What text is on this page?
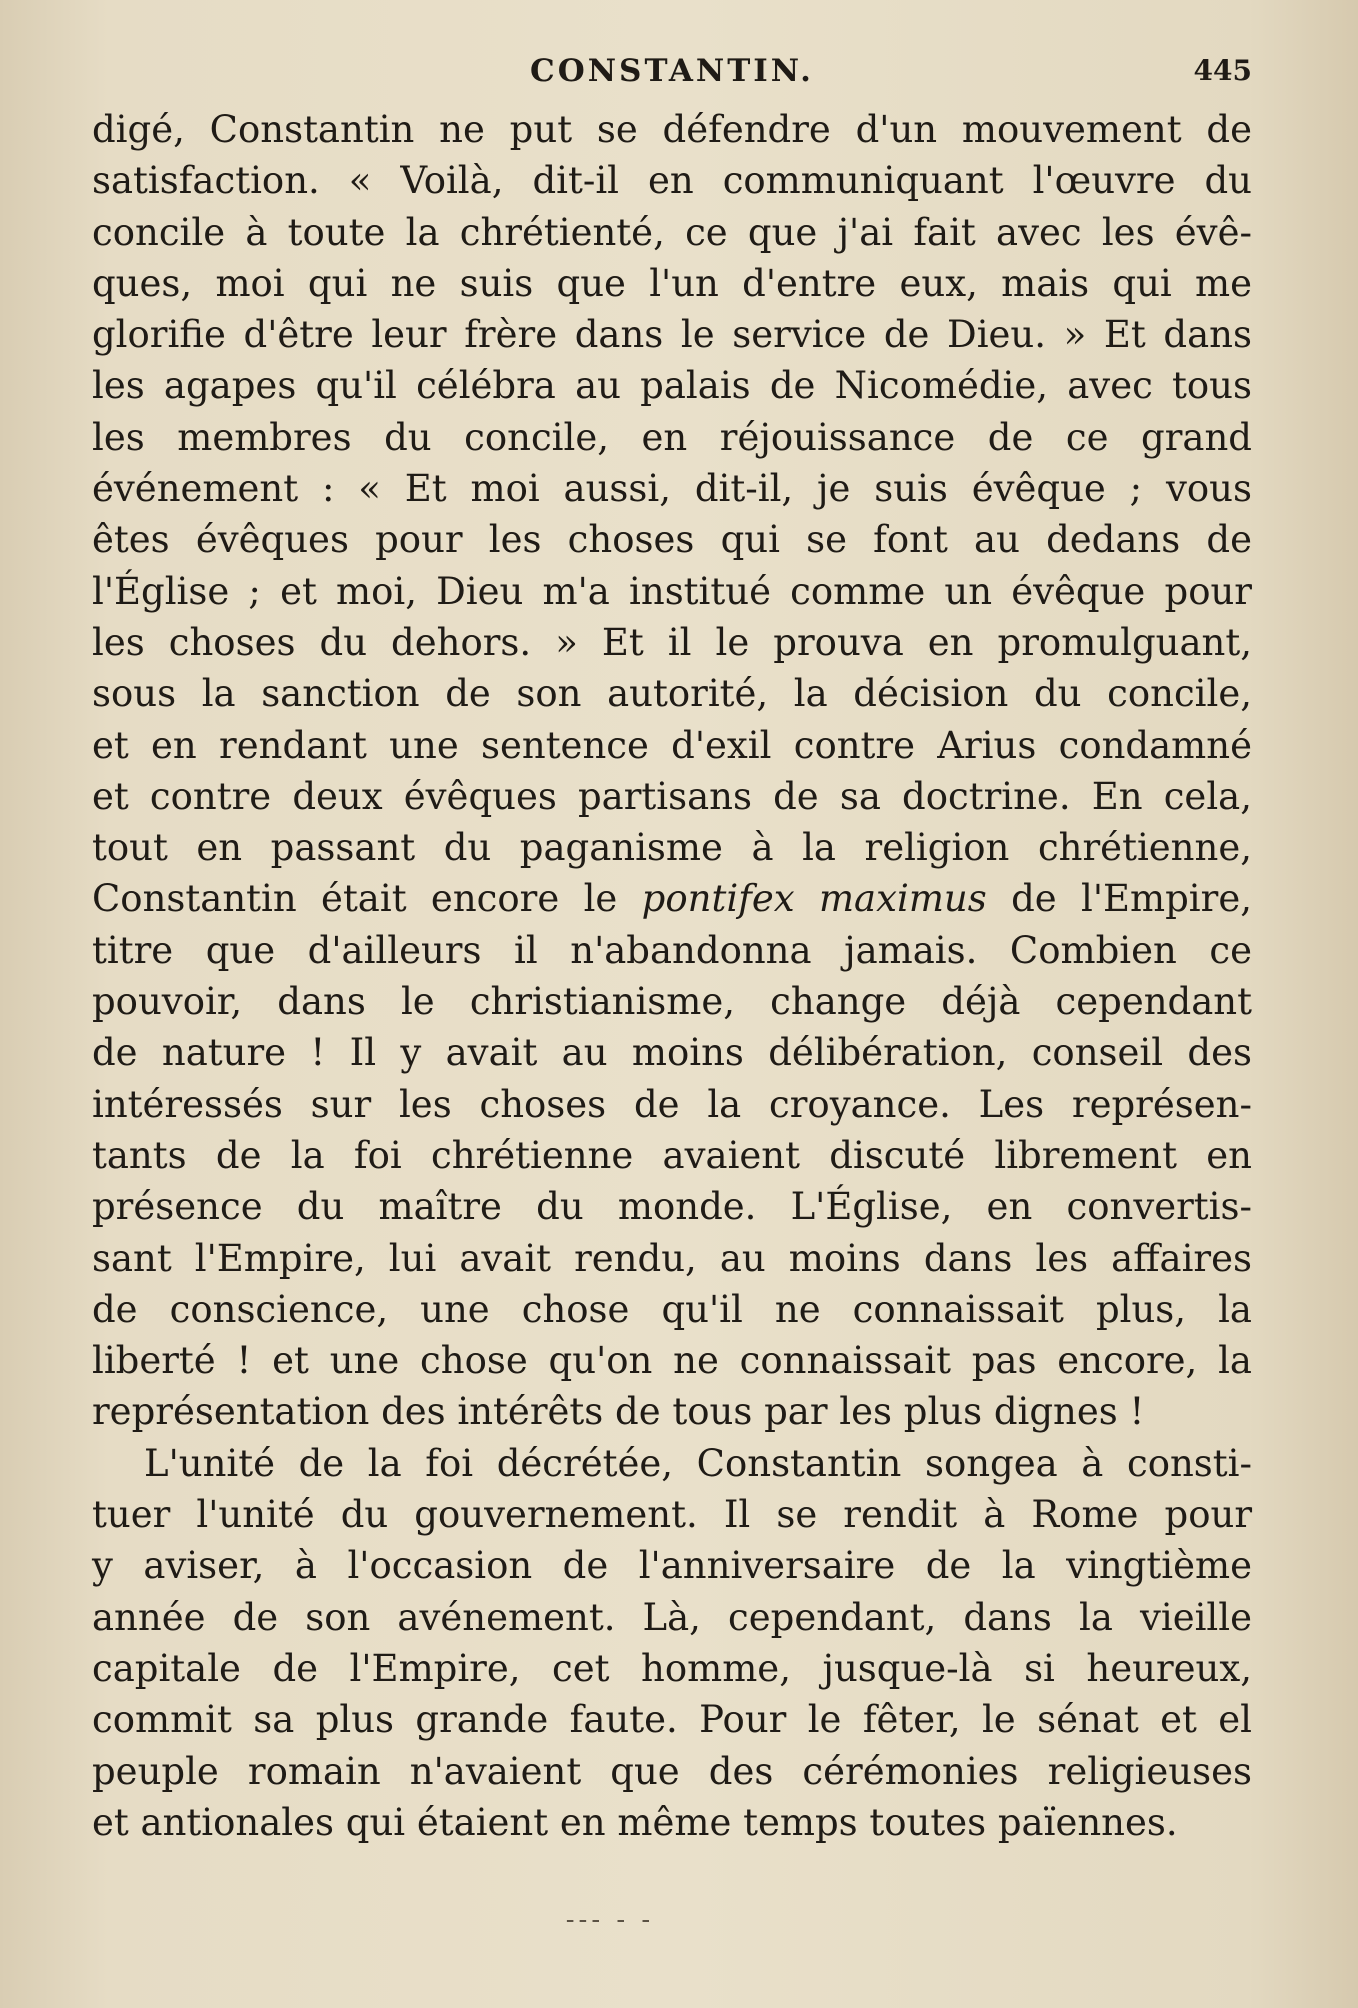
CONSTANTIN.	445
digé, Constantin ne put se défendre d'un mouvement de
satisfaction. « Voilà, dit-il en communiquant l'œuvre du
concile à toute la chrétienté, ce que j'ai fait avec les évê-
ques, moi qui ne suis que l'un d'entre eux, mais qui me
glorifie d'être leur frère dans le service de Dieu. » Et dans
les agapes qu'il célébra au palais de Nicomédie, avec tous
les membres du concile, en réjouissance de ce grand
événement : « Et moi aussi, dit-il, je suis évêque ; vous
êtes évêques pour les choses qui se font au dedans de
l'Église ; et moi, Dieu m'a institué comme un évêque pour
les choses du dehors. » Et il le prouva en promulguant,
sous la sanction de son autorité, la décision du concile,
et en rendant une sentence d'exil contre Arius condamné
et contre deux évêques partisans de sa doctrine. En cela,
tout en passant du paganisme à la religion chrétienne,
Constantin était encore le pontifex maximus de l'Empire,
titre que d'ailleurs il n'abandonna jamais. Combien ce
pouvoir, dans le christianisme, change déjà cependant
de nature ! Il y avait au moins délibération, conseil des
intéressés sur les choses de la croyance. Les représen-
tants de la foi chrétienne avaient discuté librement en
présence du maître du monde. L'Église, en convertis-
sant l'Empire, lui avait rendu, au moins dans les affaires
de conscience, une chose qu'il ne connaissait plus, la
liberté ! et une chose qu'on ne connaissait pas encore, la
représentation des intérêts de tous par les plus dignes !
L'unité de la foi décrétée, Constantin songea à consti-
tuer l'unité du gouvernement. Il se rendit à Rome pour
y aviser, à l'occasion de l'anniversaire de la vingtième
année de son avénement. Là, cependant, dans la vieille
capitale de l'Empire, cet homme, jusque-là si heureux,
commit sa plus grande faute. Pour le fêter, le sénat et el
peuple romain n'avaient que des cérémonies religieuses
et antionales qui étaient en même temps toutes païennes.
--- - -
